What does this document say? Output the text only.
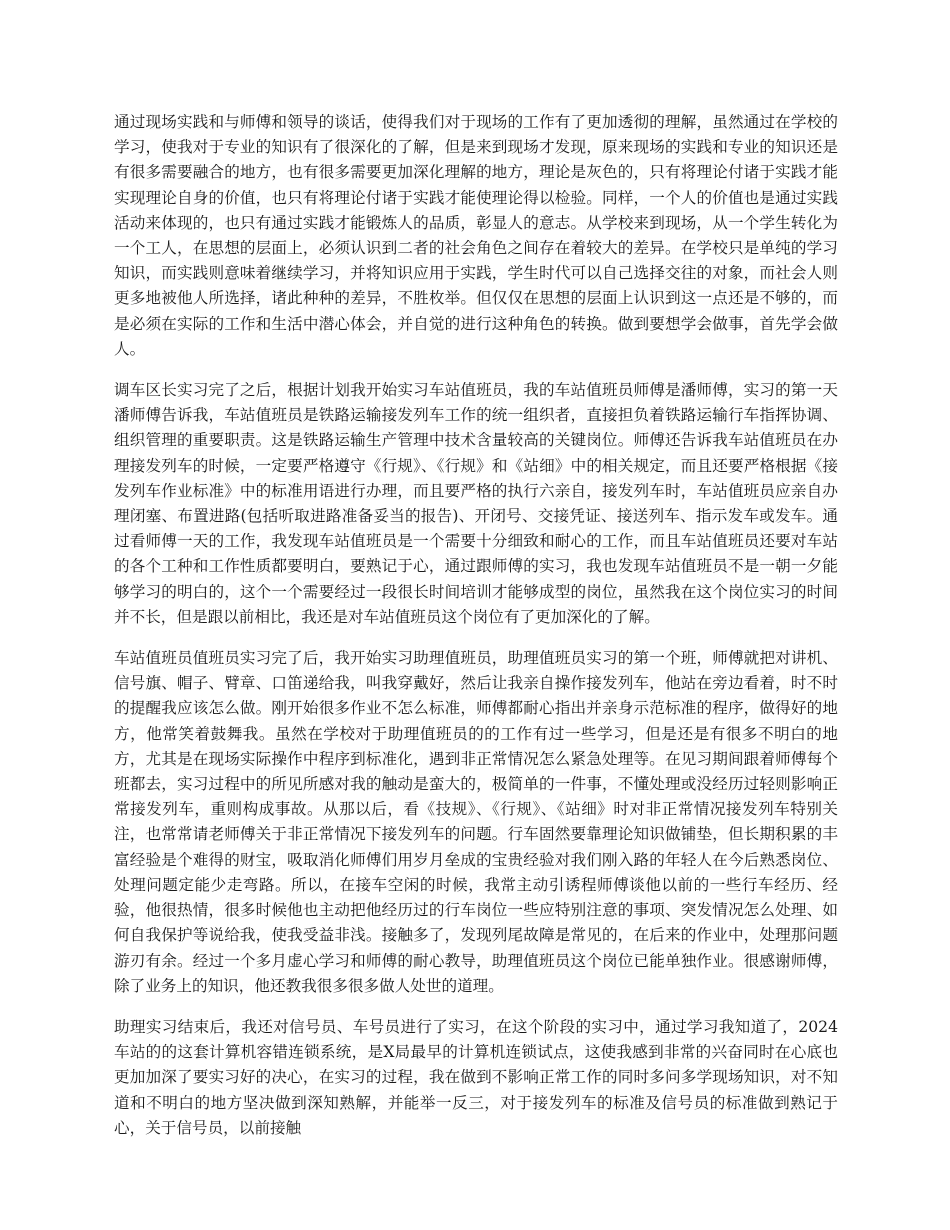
通过现场实践和与师傅和领导的谈话，使得我们对于现场的工作有了更加透彻的理解，虽然通过在学校的学习，使我对于专业的知识有了很深化的了解，但是来到现场才发现，原来现场的实践和专业的知识还是有很多需要融合的地方，也有很多需要更加深化理解的地方，理论是灰色的，只有将理论付诸于实践才能实现理论自身的价值，也只有将理论付诸于实践才能使理论得以检验。同样，一个人的价值也是通过实践活动来体现的，也只有通过实践才能锻炼人的品质，彰显人的意志。从学校来到现场，从一个学生转化为一个工人，在思想的层面上，必须认识到二者的社会角色之间存在着较大的差异。在学校只是单纯的学习知识，而实践则意味着继续学习，并将知识应用于实践，学生时代可以自己选择交往的对象，而社会人则更多地被他人所选择，诸此种种的差异，不胜枚举。但仅仅在思想的层面上认识到这一点还是不够的，而是必须在实际的工作和生活中潜心体会，并自觉的进行这种角色的转换。做到要想学会做事，首先学会做人。

调车区长实习完了之后，根据计划我开始实习车站值班员，我的车站值班员师傅是潘师傅，实习的第一天潘师傅告诉我，车站值班员是铁路运输接发列车工作的统一组织者，直接担负着铁路运输行车指挥协调、组织管理的重要职责。这是铁路运输生产管理中技术含量较高的关键岗位。师傅还告诉我车站值班员在办理接发列车的时候，一定要严格遵守《行规》、《行规》和《站细》中的相关规定，而且还要严格根据《接发列车作业标准》中的标准用语进行办理，而且要严格的执行六亲自，接发列车时，车站值班员应亲自办理闭塞、布置进路(包括听取进路准备妥当的报告)、开闭号、交接凭证、接送列车、指示发车或发车。通过看师傅一天的工作，我发现车站值班员是一个需要十分细致和耐心的工作，而且车站值班员还要对车站的各个工种和工作性质都要明白，要熟记于心，通过跟师傅的实习，我也发现车站值班员不是一朝一夕能够学习的明白的，这个一个需要经过一段很长时间培训才能够成型的岗位，虽然我在这个岗位实习的时间并不长，但是跟以前相比，我还是对车站值班员这个岗位有了更加深化的了解。

车站值班员值班员实习完了后，我开始实习助理值班员，助理值班员实习的第一个班，师傅就把对讲机、信号旗、帽子、臂章、口笛递给我，叫我穿戴好，然后让我亲自操作接发列车，他站在旁边看着，时不时的提醒我应该怎么做。刚开始很多作业不怎么标准，师傅都耐心指出并亲身示范标准的程序，做得好的地方，他常笑着鼓舞我。虽然在学校对于助理值班员的的工作有过一些学习，但是还是有很多不明白的地方，尤其是在现场实际操作中程序到标准化，遇到非正常情况怎么紧急处理等。在见习期间跟着师傅每个班都去，实习过程中的所见所感对我的触动是蛮大的，极简单的一件事，不懂处理或没经历过轻则影响正常接发列车，重则构成事故。从那以后，看《技规》、《行规》、《站细》时对非正常情况接发列车特别关注，也常常请老师傅关于非正常情况下接发列车的问题。行车固然要靠理论知识做铺垫，但长期积累的丰富经验是个难得的财宝，吸取消化师傅们用岁月垒成的宝贵经验对我们刚入路的年轻人在今后熟悉岗位、处理问题定能少走弯路。所以，在接车空闲的时候，我常主动引诱程师傅谈他以前的一些行车经历、经验，他很热情，很多时候他也主动把他经历过的行车岗位一些应特别注意的事项、突发情况怎么处理、如何自我保护等说给我，使我受益非浅。接触多了，发现列尾故障是常见的，在后来的作业中，处理那问题游刃有余。经过一个多月虚心学习和师傅的耐心教导，助理值班员这个岗位已能单独作业。很感谢师傅，除了业务上的知识，他还教我很多很多做人处世的道理。

助理实习结束后，我还对信号员、车号员进行了实习，在这个阶段的实习中，通过学习我知道了，2024车站的的这套计算机容错连锁系统，是X局最早的计算机连锁试点，这使我感到非常的兴奋同时在心底也更加加深了要实习好的决心，在实习的过程，我在做到不影响正常工作的同时多问多学现场知识，对不知道和不明白的地方坚决做到深知熟解，并能举一反三，对于接发列车的标准及信号员的标准做到熟记于心，关于信号员，以前接触
